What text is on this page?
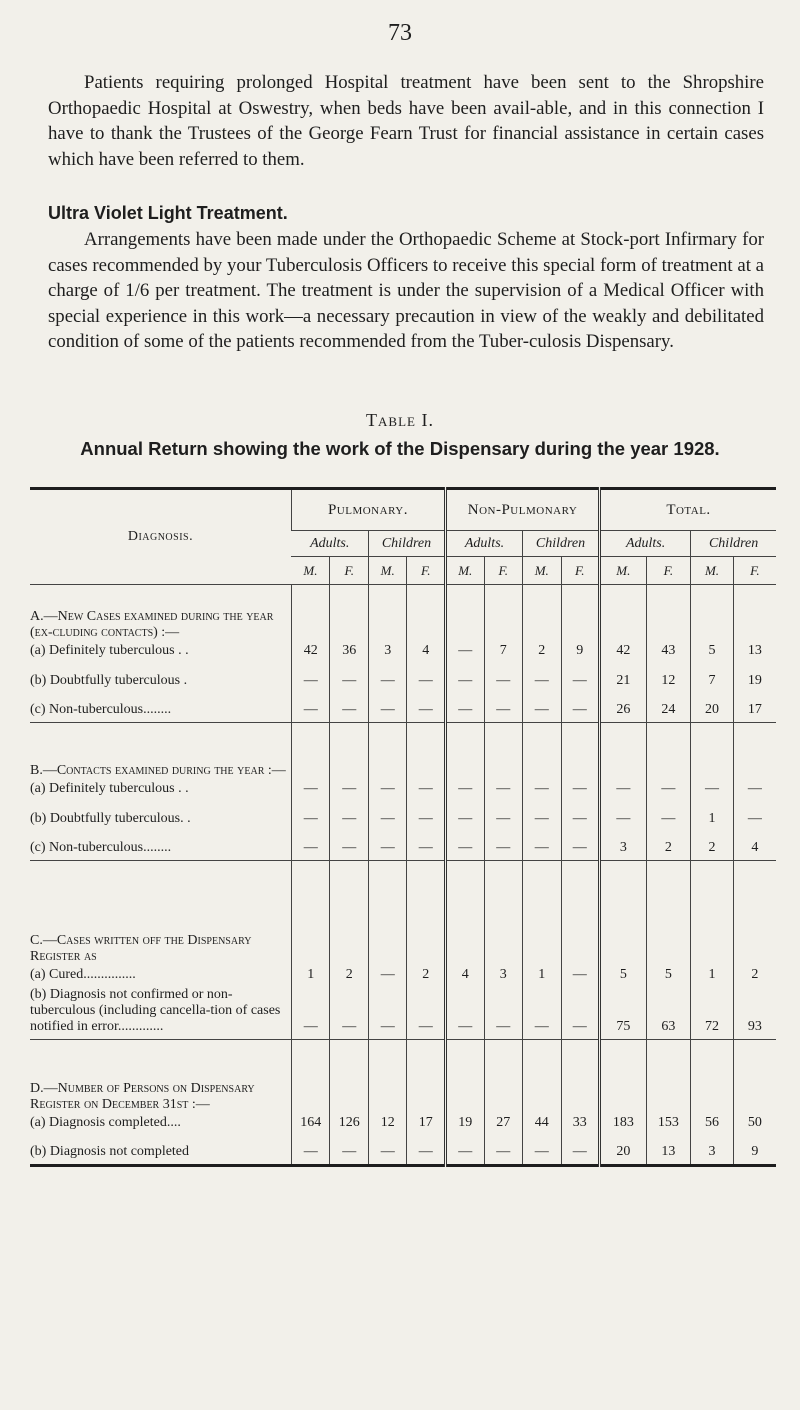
73

Patients requiring prolonged Hospital treatment have been sent to the Shropshire Orthopaedic Hospital at Oswestry, when beds have been avail-able, and in this connection I have to thank the Trustees of the George Fearn Trust for financial assistance in certain cases which have been referred to them.

Ultra Violet Light Treatment.

Arrangements have been made under the Orthopaedic Scheme at Stock-port Infirmary for cases recommended by your Tuberculosis Officers to receive this special form of treatment at a charge of 1/6 per treatment. The treatment is under the supervision of a Medical Officer with special experience in this work—a necessary precaution in view of the weakly and debilitated condition of some of the patients recommended from the Tuber-culosis Dispensary.

Table I.
Annual Return showing the work of the Dispensary during the year 1928.
Diagnosis.	Pulmonary.				Non-Pulmonary				Total.			
	Adults.		Children		Adults.		Children		Adults.		Children	
	M.	F.	M.	F.	M.	F.	M.	F.	M.	F.	M.	F.

A.—New Cases examined during the year (ex-cluding contacts) :—
(a) Definitely tuberculous . .	42	36	3	4	—	7	2	9	42	43	5	13

(b) Doubtfully tuberculous .	—	—	—	—	—	—	—	—	21	12	7	19

(c) Non-tuberculous........	—	—	—	—	—	—	—	—	26	24	20	17

B.—Contacts examined during the year :—
(a) Definitely tuberculous . .	—	—	—	—	—	—	—	—	—	—	—	—

(b) Doubtfully tuberculous. .	—	—	—	—	—	—	—	—	—	—	1	—

(c) Non-tuberculous........	—	—	—	—	—	—	—	—	3	2	2	4

C.—Cases written off the Dispensary Register as
(a) Cured...............	1	2	—	2	4	3	1	—	5	5	1	2

(b) Diagnosis not confirmed or non-tuberculous (including cancella-tion of cases notified in error.............	—	—	—	—	—	—	—	—	75	63	72	93

D.—Number of Persons on Dispensary Register on December 31st :—
(a) Diagnosis completed....	164	126	12	17	19	27	44	33	183	153	56	50

(b) Diagnosis not completed	—	—	—	—	—	—	—	—	20	13	3	9
